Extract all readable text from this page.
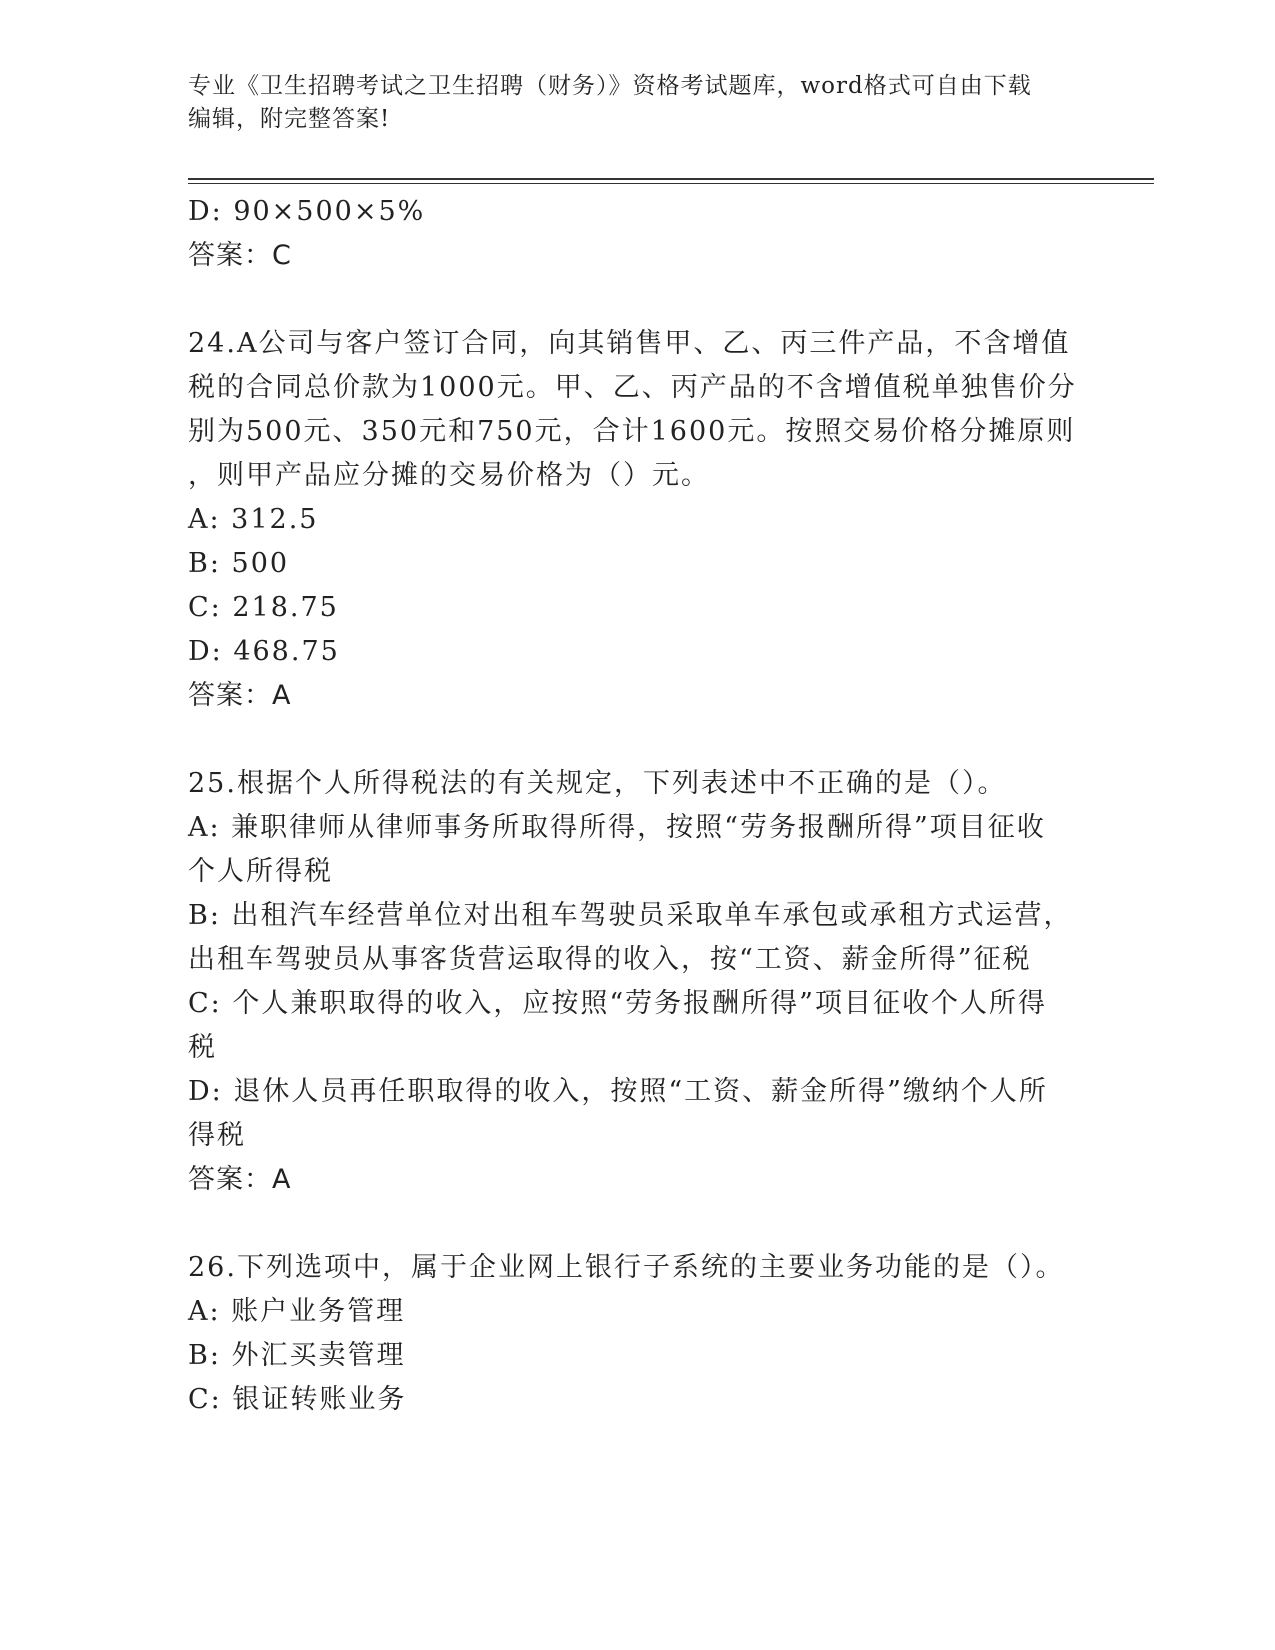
专业《卫生招聘考试之卫生招聘（财务）》资格考试题库，word格式可自由下载
编辑，附完整答案!
D: 90×500×5%
答案：C
24.A公司与客户签订合同，向其销售甲、乙、丙三件产品，不含增值
税的合同总价款为1000元。甲、乙、丙产品的不含增值税单独售价分
别为500元、350元和750元，合计1600元。按照交易价格分摊原则
，则甲产品应分摊的交易价格为（）元。
A: 312.5
B: 500
C: 218.75
D: 468.75
答案：A
25.根据个人所得税法的有关规定，下列表述中不正确的是（）。
A: 兼职律师从律师事务所取得所得，按照“劳务报酬所得”项目征收
个人所得税
B: 出租汽车经营单位对出租车驾驶员采取单车承包或承租方式运营，
出租车驾驶员从事客货营运取得的收入，按“工资、薪金所得”征税
C: 个人兼职取得的收入，应按照“劳务报酬所得”项目征收个人所得
税
D: 退休人员再任职取得的收入，按照“工资、薪金所得”缴纳个人所
得税
答案：A
26.下列选项中，属于企业网上银行子系统的主要业务功能的是（）。
A: 账户业务管理
B: 外汇买卖管理
C: 银证转账业务
